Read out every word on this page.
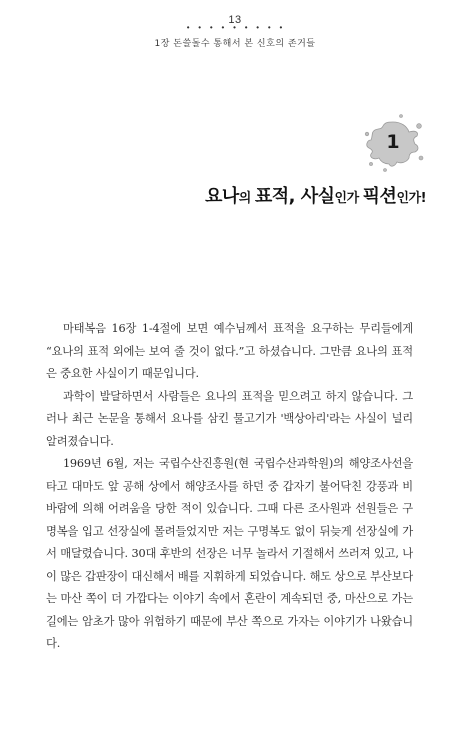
13
• • • • • • • • •
1장 돈쓸돌수 통해서 본 신호의 존거들
1
요나의 표적, 사실인가 픽션인가!

마태복음 16장 1-4절에 보면 예수님께서 표적을 요구하는 무리들에게 “요나의 표적 외에는 보여 줄 것이 없다.”고 하셨습니다. 그만큼 요나의 표적은 중요한 사실이기 때문입니다.

과학이 발달하면서 사람들은 요나의 표적을 믿으려고 하지 않습니다. 그러나 최근 논문을 통해서 요나를 삼킨 물고기가 '백상아리'라는 사실이 널리 알려졌습니다.

1969년 6월, 저는 국립수산진흥원(현 국립수산과학원)의 해양조사선을 타고 대마도 앞 공해 상에서 해양조사를 하던 중 갑자기 불어닥친 강풍과 비바람에 의해 어려움을 당한 적이 있습니다. 그때 다른 조사원과 선원들은 구명복을 입고 선장실에 몰려들었지만 저는 구명복도 없이 뒤늦게 선장실에 가서 매달렸습니다. 30대 후반의 선장은 너무 놀라서 기절해서 쓰러져 있고, 나이 많은 갑판장이 대신해서 배를 지휘하게 되었습니다. 해도 상으로 부산보다는 마산 쪽이 더 가깝다는 이야기 속에서 혼란이 계속되던 중, 마산으로 가는 길에는 암초가 많아 위험하기 때문에 부산 쪽으로 가자는 이야기가 나왔습니다.
